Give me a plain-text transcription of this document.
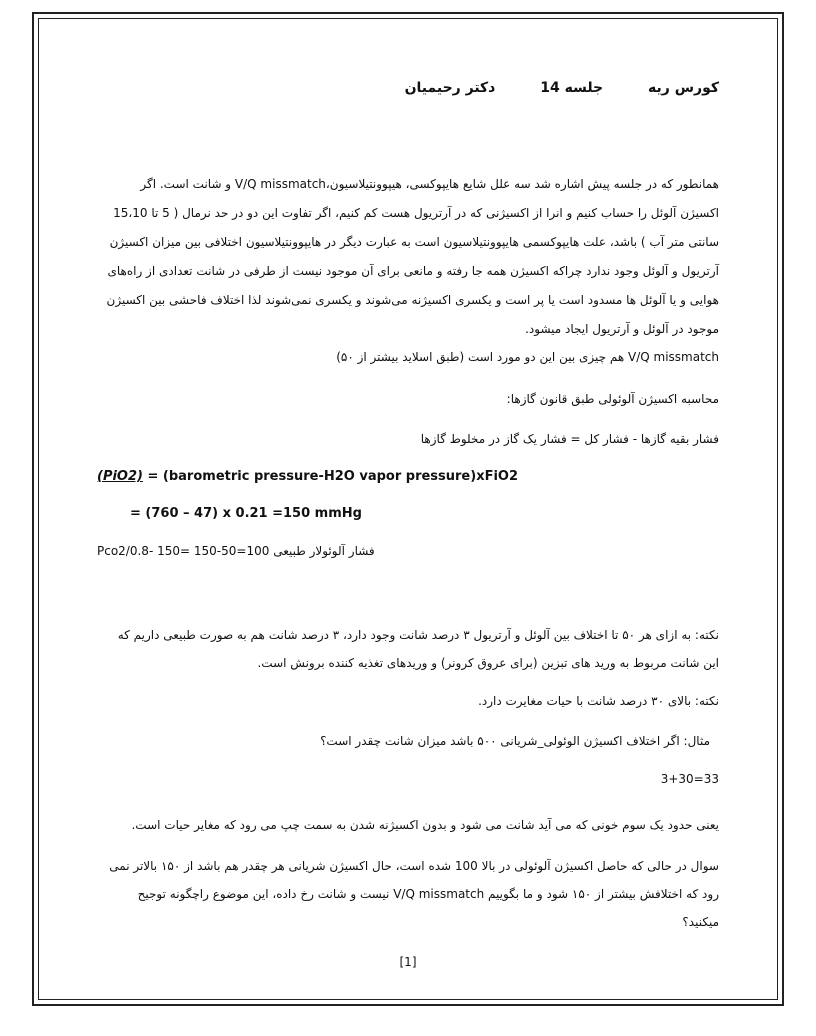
کورس ریه جلسه 14 دکتر رحیمیان
همانطور که در جلسه پیش اشاره شد سه علل شایع هایپوکسی، هیپوونتیلاسیون،V/Q missmatch و شانت است. اگر اکسیژن آلوئل را حساب کنیم و انرا از اکسیژنی که در آرتریول هست کم کنیم، اگر تفاوت این دو در حد نرمال ( 5 تا 15،10 سانتی متر آب ) باشد، علت هایپوکسمی هایپوونتیلاسیون است به عبارت دیگر در هایپوونتیلاسیون اختلافی بین میزان اکسیژن آرتریول و آلوئل وجود ندارد چراکه اکسیژن همه جا رفته و مانعی برای آن موجود نیست از طرفی در شانت تعدادی از راه‌های هوایی و یا آلوئل ها مسدود است یا پر است و یکسری اکسیژنه می‌شوند و یکسری نمی‌شوند لذا اختلاف فاحشی بین اکسیژن موجود در آلوئل و آرتریول ایجاد میشود.
V/Q missmatch هم چیزی بین این دو مورد است (طبق اسلاید بیشتر از ۵۰)
محاسبه اکسیژن آلوئولی طبق قانون گازها:
فشار بقیه گازها - فشار کل = فشار یک گاز در مخلوط گازها
(PiO2) = (barometric pressure-H2O vapor pressure)xFiO2
= (760 – 47) x 0.21 =150 mmHg
فشار آلوئولار طبیعی 100=50-150 =Pco2/0.8- 150
نکته: به ازای هر ۵۰ تا اختلاف بین آلوئل و آرتریول ۳ درصد شانت وجود دارد، ۳ درصد شانت هم به صورت طبیعی داریم که این شانت مربوط به ورید های تبزین (برای عروق کرونر) و وریدهای تغذیه کننده برونش است.
نکته: بالای ۳۰ درصد شانت با حیات مغایرت دارد.
مثال: اگر اختلاف اکسیژن الوئولی_شریانی ۵۰۰ باشد میزان شانت چقدر است؟
33=3+30
یعنی حدود یک سوم خونی که می آید شانت می شود و بدون اکسیژنه شدن به سمت چپ می رود که مغایر حیات است.
سوال در حالی که حاصل اکسیژن آلوئولی در بالا 100 شده است، حال اکسیژن شریانی هر چقدر هم باشد از ۱۵۰ بالاتر نمی رود که اختلافش بیشتر از ۱۵۰ شود و ما بگوییم V/Q missmatch نیست و شانت رخ داده، این موضوع راچگونه توجیح میکنید؟
[1]
